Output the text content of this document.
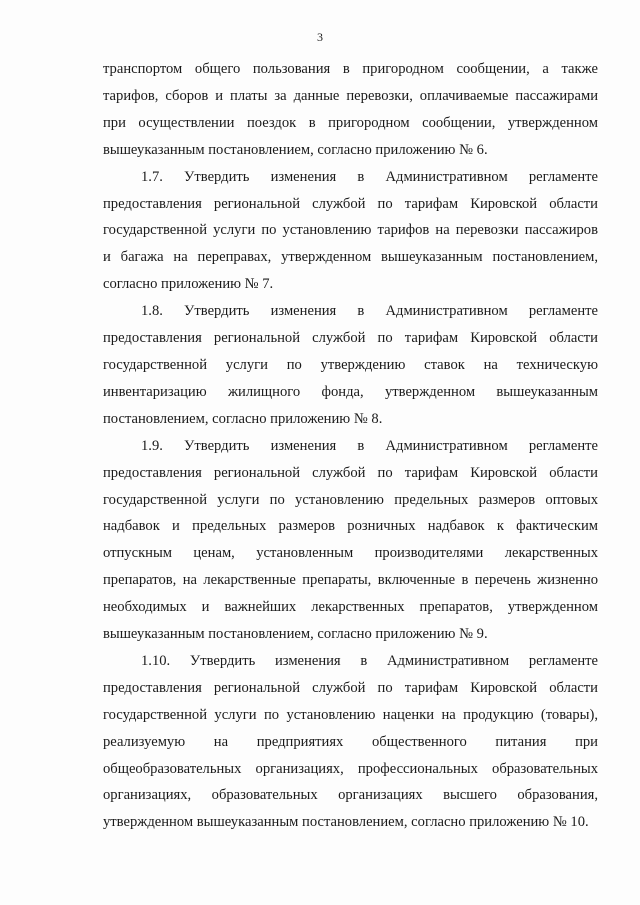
3
транспортом общего пользования в пригородном сообщении, а также
тарифов, сборов и платы за данные перевозки, оплачиваемые пассажирами
при осуществлении поездок в пригородном сообщении, утвержденном
вышеуказанным постановлением, согласно приложению № 6.
1.7. Утвердить изменения в Административном регламенте
предоставления региональной службой по тарифам Кировской области
государственной услуги по установлению тарифов на перевозки пассажиров
и багажа на переправах, утвержденном вышеуказанным постановлением,
согласно приложению № 7.
1.8. Утвердить изменения в Административном регламенте
предоставления региональной службой по тарифам Кировской области
государственной услуги по утверждению ставок на техническую
инвентаризацию жилищного фонда, утвержденном вышеуказанным
постановлением, согласно приложению № 8.
1.9. Утвердить изменения в Административном регламенте
предоставления региональной службой по тарифам Кировской области
государственной услуги по установлению предельных размеров оптовых
надбавок и предельных размеров розничных надбавок к фактическим
отпускным ценам, установленным производителями лекарственных
препаратов, на лекарственные препараты, включенные в перечень жизненно
необходимых и важнейших лекарственных препаратов, утвержденном
вышеуказанным постановлением, согласно приложению № 9.
1.10. Утвердить изменения в Административном регламенте
предоставления региональной службой по тарифам Кировской области
государственной услуги по установлению наценки на продукцию (товары),
реализуемую на предприятиях общественного питания при
общеобразовательных организациях, профессиональных образовательных
организациях, образовательных организациях высшего образования,
утвержденном вышеуказанным постановлением, согласно приложению № 10.
